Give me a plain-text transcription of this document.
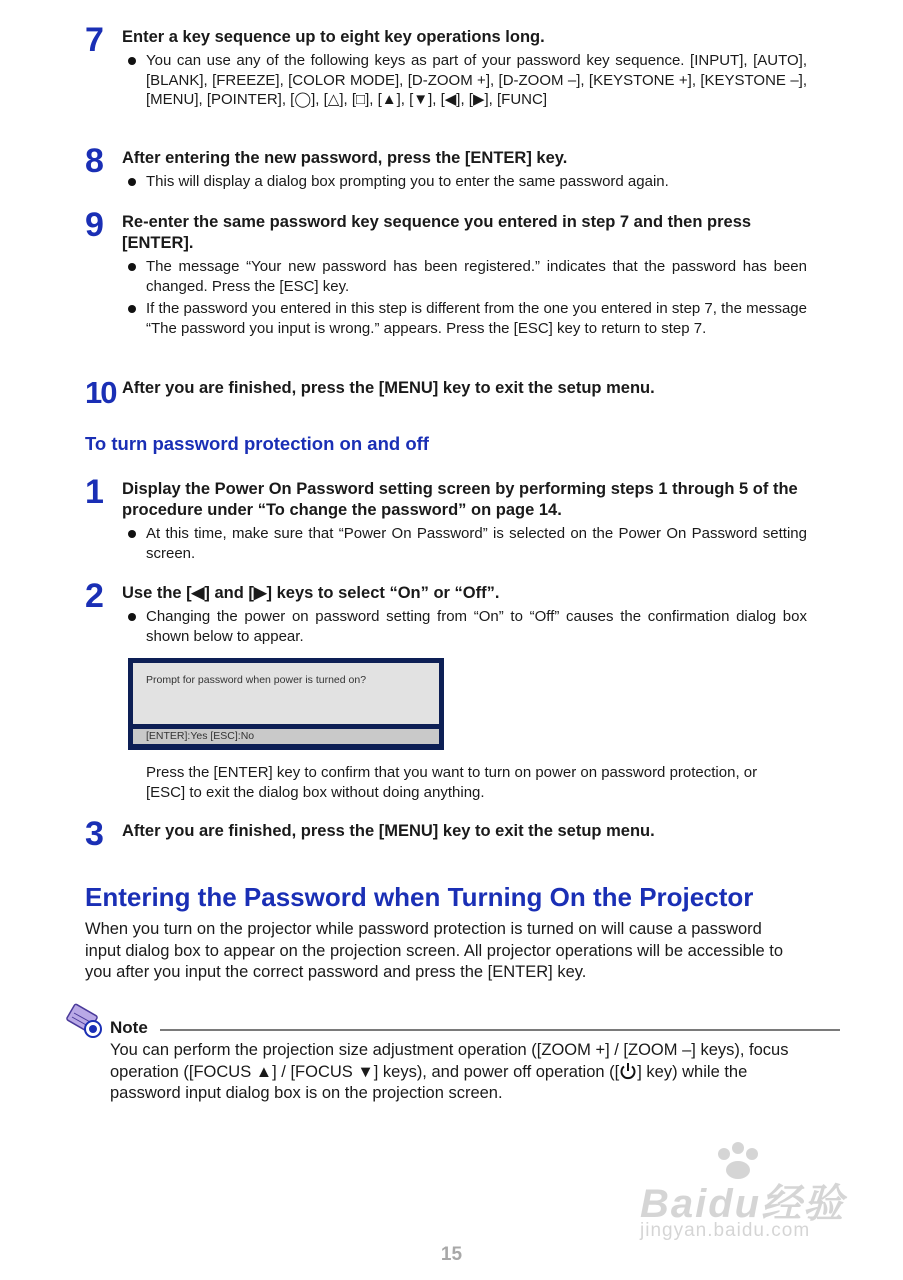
7 Enter a key sequence up to eight key operations long.
You can use any of the following keys as part of your password key sequence. [INPUT], [AUTO], [BLANK], [FREEZE], [COLOR MODE], [D-ZOOM +], [D-ZOOM –], [KEYSTONE +], [KEYSTONE –], [MENU], [POINTER], [◯], [△], [□], [▲], [▼], [◀], [▶], [FUNC]
8 After entering the new password, press the [ENTER] key.
This will display a dialog box prompting you to enter the same password again.
9 Re-enter the same password key sequence you entered in step 7 and then press [ENTER].
The message “Your new password has been registered.” indicates that the password has been changed. Press the [ESC] key.
If the password you entered in this step is different from the one you entered in step 7, the message “The password you input is wrong.” appears. Press the [ESC] key to return to step 7.
10 After you are finished, press the [MENU] key to exit the setup menu.
To turn password protection on and off
1 Display the Power On Password setting screen by performing steps 1 through 5 of the procedure under “To change the password” on page 14.
At this time, make sure that “Power On Password” is selected on the Power On Password setting screen.
2 Use the [◀] and [▶] keys to select “On” or “Off”.
Changing the power on password setting from “On” to “Off” causes the confirmation dialog box shown below to appear.
Prompt for password when power is turned on?
[ENTER]:Yes [ESC]:No
Press the [ENTER] key to confirm that you want to turn on power on password protection, or [ESC] to exit the dialog box without doing anything.
3 After you are finished, press the [MENU] key to exit the setup menu.
Entering the Password when Turning On the Projector
When you turn on the projector while password protection is turned on will cause a password input dialog box to appear on the projection screen. All projector operations will be accessible to you after you input the correct password and press the [ENTER] key.
Note
You can perform the projection size adjustment operation ([ZOOM +] / [ZOOM –] keys), focus operation ([FOCUS ▲] / [FOCUS ▼] keys), and power off operation ([ ] key) while the password input dialog box is on the projection screen.
Baidu经验
jingyan.baidu.com
15
